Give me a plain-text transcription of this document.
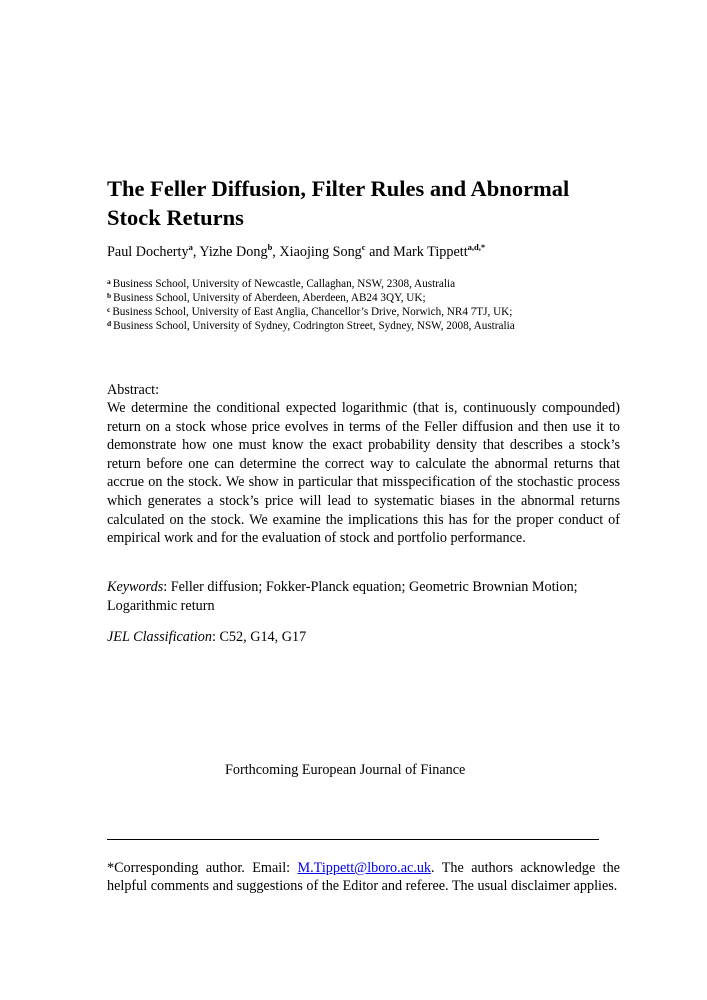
The Feller Diffusion, Filter Rules and Abnormal Stock Returns
Paul Docherty$^a$, Yizhe Dong$^b$, Xiaojing Song$^c$ and Mark Tippett$^{a,d,*}$
$^a$ Business School, University of Newcastle, Callaghan, NSW, 2308, Australia
$^b$ Business School, University of Aberdeen, Aberdeen, AB24 3QY, UK;
$^c$ Business School, University of East Anglia, Chancellor’s Drive, Norwich, NR4 7TJ, UK;
$^d$ Business School, University of Sydney, Codrington Street, Sydney, NSW, 2008, Australia
Abstract:

We determine the conditional expected logarithmic (that is, continuously compounded) return on a stock whose price evolves in terms of the Feller diffusion and then use it to demonstrate how one must know the exact probability density that describes a stock’s return before one can determine the correct way to calculate the abnormal returns that accrue on the stock. We show in particular that misspecification of the stochastic process which generates a stock’s price will lead to systematic biases in the abnormal returns calculated on the stock. We examine the implications this has for the proper conduct of empirical work and for the evaluation of stock and portfolio performance.

Keywords: Feller diffusion; Fokker-Planck equation; Geometric Brownian Motion; Logarithmic return
JEL Classification: C52, G14, G17
Forthcoming European Journal of Finance

*Corresponding author. Email: M.Tippett@lboro.ac.uk. The authors acknowledge the helpful comments and suggestions of the Editor and referee. The usual disclaimer applies.
